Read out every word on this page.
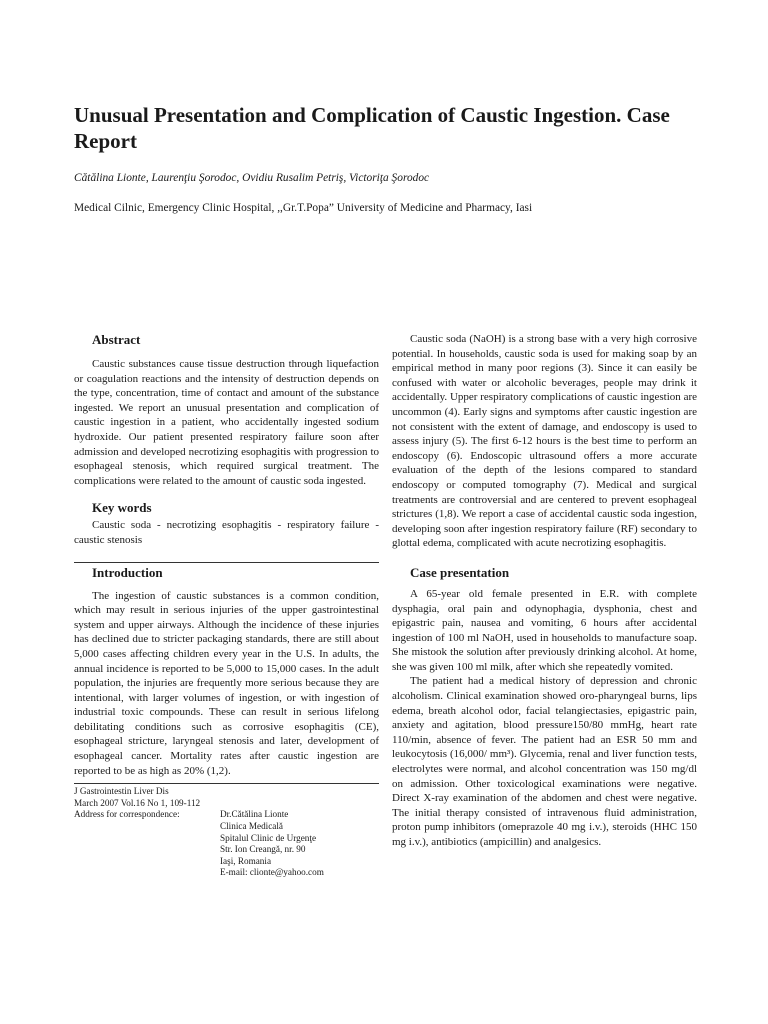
Unusual Presentation and Complication of Caustic Ingestion. Case Report

Cătălina Lionte, Laurenţiu Şorodoc, Ovidiu Rusalim Petriş, Victoriţa Şorodoc

Medical Cilnic, Emergency Clinic Hospital, ,,Gr.T.Popa” University of Medicine and Pharmacy, Iasi

Abstract

Caustic substances cause tissue destruction through liquefaction or coagulation reactions and the intensity of destruction depends on the type, concentration, time of contact and amount of the substance ingested. We report an unusual presentation and complication of caustic ingestion in a patient, who accidentally ingested sodium hydroxide. Our patient presented respiratory failure soon after admission and developed necrotizing esophagitis with progression to esophageal stenosis, which required surgical treatment. The complications were related to the amount of caustic soda ingested.

Key words

Caustic soda - necrotizing esophagitis - respiratory failure - caustic stenosis

Introduction

The ingestion of caustic substances is a common condition, which may result in serious injuries of the upper gastrointestinal system and upper airways. Although the incidence of these injuries has declined due to stricter packaging standards, there are still about 5,000 cases affecting children every year in the U.S. In adults, the annual incidence is reported to be 5,000 to 15,000 cases. In the adult population, the injuries are frequently more serious because they are intentional, with larger volumes of ingestion, or with ingestion of industrial toxic compounds. These can result in serious lifelong debilitating conditions such as corrosive esophagitis (CE), esophageal stricture, laryngeal stenosis and later, development of esophageal cancer. Mortality rates after caustic ingestion are reported to be as high as 20% (1,2).

J Gastrointestin Liver Dis
March 2007 Vol.16 No 1, 109-112
Address for correspondence:	Dr.Cătălina Lionte
Clinica Medicală
Spitalul Clinic de Urgenţe
Str. Ion Creangă, nr. 90
Iaşi, Romania
E-mail: clionte@yahoo.com

Caustic soda (NaOH) is a strong base with a very high corrosive potential. In households, caustic soda is used for making soap by an empirical method in many poor regions (3). Since it can easily be confused with water or alcoholic beverages, people may drink it accidentally. Upper respiratory complications of caustic ingestion are uncommon (4). Early signs and symptoms after caustic ingestion are not consistent with the extent of damage, and endoscopy is used to assess injury (5). The first 6-12 hours is the best time to perform an endoscopy (6). Endoscopic ultrasound offers a more accurate evaluation of the depth of the lesions compared to standard endoscopy or computed tomography (7). Medical and surgical treatments are controversial and are centered to prevent esophageal strictures (1,8). We report a case of accidental caustic soda ingestion, developing soon after ingestion respiratory failure (RF) secondary to glottal edema, complicated with acute necrotizing esophagitis.

Case presentation

A 65-year old female presented in E.R. with complete dysphagia, oral pain and odynophagia, dysphonia, chest and epigastric pain, nausea and vomiting, 6 hours after accidental ingestion of 100 ml NaOH, used in households to manufacture soap. She mistook the solution after previously drinking alcohol. At home, she was given 100 ml milk, after which she repeatedly vomited.

The patient had a medical history of depression and chronic alcoholism. Clinical examination showed oro-pharyngeal burns, lips edema, breath alcohol odor, facial telangiectasies, epigastric pain, anxiety and agitation, blood pressure150/80 mmHg, heart rate 110/min, absence of fever. The patient had an ESR 50 mm and leukocytosis (16,000/ mm³). Glycemia, renal and liver function tests, electrolytes were normal, and alcohol concentration was 150 mg/dl on admission. Other toxicological examinations were negative. Direct X-ray examination of the abdomen and chest were negative. The initial therapy consisted of intravenous fluid administration, proton pump inhibitors (omeprazole 40 mg i.v.), steroids (HHC 150 mg i.v.), antibiotics (ampicillin) and analgesics.
